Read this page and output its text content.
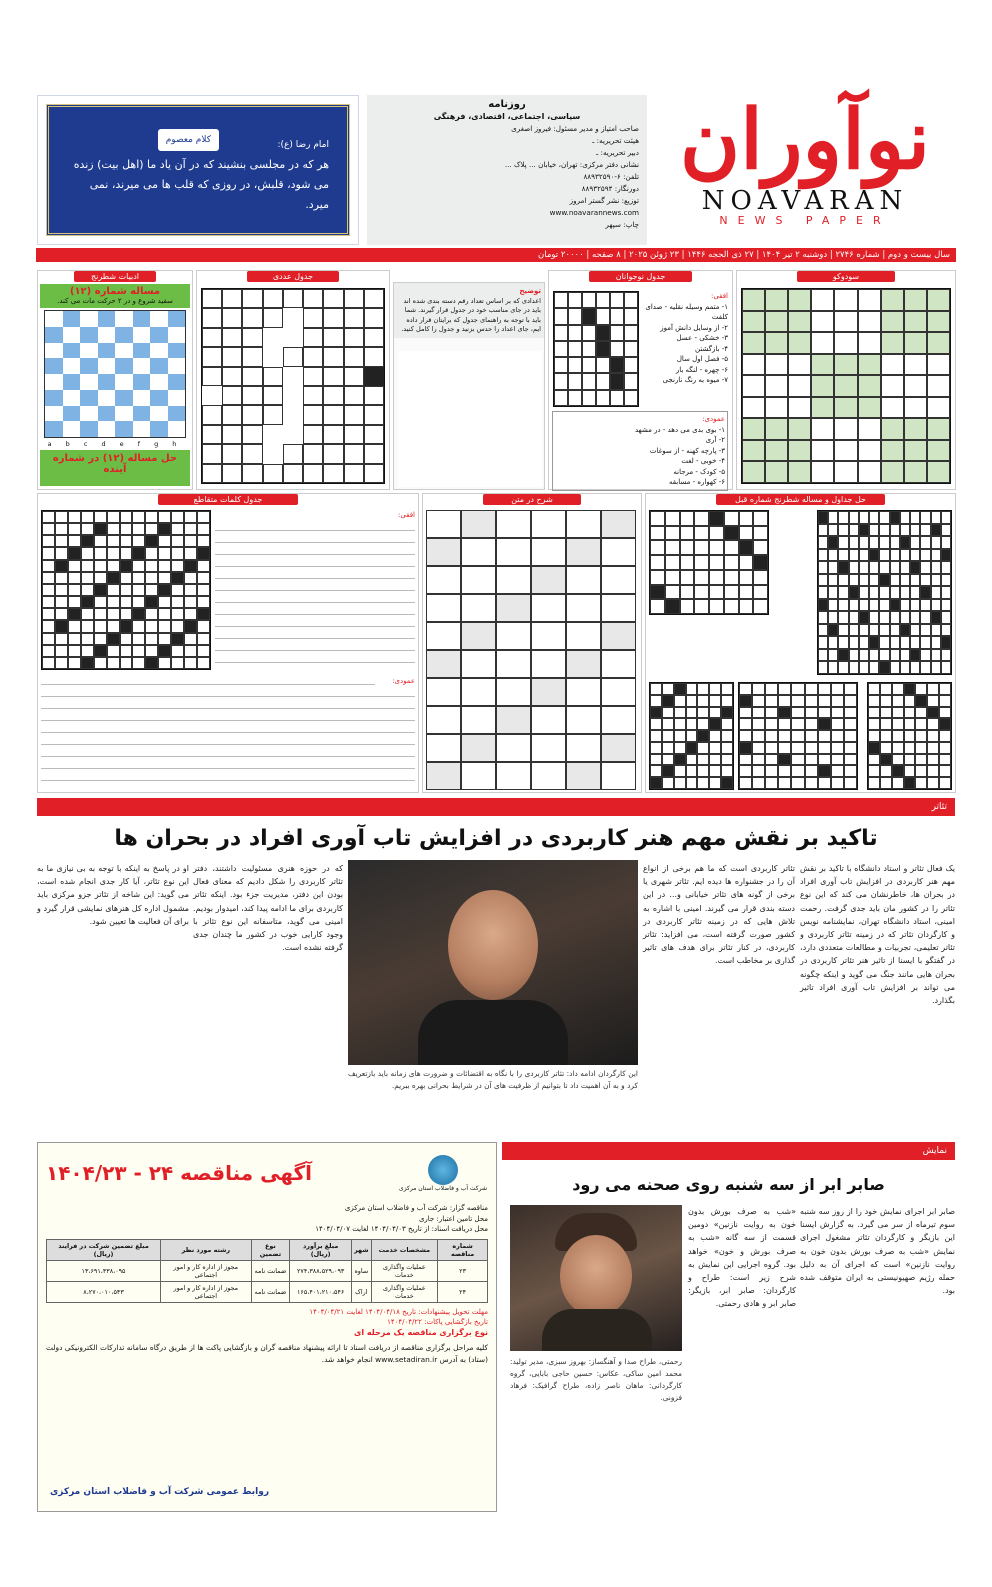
نوآوران
NOAVARAN
NEWS PAPER
روزنامه
سیاسی، اجتماعی، اقتصادی، فرهنگی
صاحب امتیاز و مدیر مسئول: فیروز اصغری
هیئت تحریریه: ـ
دبیر تحریریه: ـ
نشانی دفتر مرکزی: تهران، خیابان ... پلاک ...
تلفن: ۶-۸۸۹۳۲۵۹۰
دورنگار: ۸۸۹۳۲۵۹۴
توزیع: نشر گستر امروز
www.noavarannews.com
چاپ: سپهر
کلام معصوم	امام رضا (ع):
هر که در مجلسی بنشیند که در آن یاد ما (اهل بیت) زنده می شود، قلبش، در روزی که قلب ها می میرند، نمی میرد.
سال بیست و دوم | شماره ۲۷۴۶ | دوشنبه ۲ تیر ۱۴۰۴ | ۲۷ ذی الحجه ۱۴۴۶ | ۲۳ ژوئن ۲۰۲۵ | ۸ صفحه | ۲۰۰۰۰ تومان
سودوکو
جدول نوجوانان
افقی:
۱- متمم وسیله نقلیه - صدای کلفت
۲- از وسایل دانش آموز
۳- خشکی - عسل
۴- بازگشتن
۵- فصل اول سال
۶- چهره - لنگه بار
۷- میوه به رنگ نارنجی
عمودی:
۱- بوی بدی می دهد - در مشهد
۲- آری
۳- پارچه کهنه - از سوغات
۴- خوبی - لغت
۵- کودک - مرجانه
۶- کهواره - مسابقه
توضیح
اعدادی که بر اساس تعداد رقم دسته بندی شده اند باید در جای مناسب خود در جدول قرار گیرند. شما باید با توجه به راهنمای جدول که برایتان قرار داده ایم، جای اعداد را حدس بزنید و جدول را کامل کنید.
جدول عددی
ادبیات شطرنج
مساله شماره (۱۲)
سفید شروع و در ۲ حرکت مات می کند.
a b c d e f g h
حل مساله (۱۲) در شماره آینده
حل جداول و مساله شطرنج شماره قبل
شرح در متن
جدول کلمات متقاطع
افقی:
عمودی:
تئاتر
تاکید بر نقش مهم هنر کاربردی در افزایش تاب آوری افراد در بحران ها
یک فعال تئاتر و استاد دانشگاه با تاکید بر نقش مهم هنر کاربردی در افزایش تاب آوری افراد در بحران ها، خاطرنشان می کند که این نوع تئاتر را در کشور مان باید جدی گرفت. رحمت امینی، استاد دانشگاه تهران، نمایشنامه نویس و کارگردان تئاتر که در زمینه تئاتر کاربردی و تئاتر تعلیمی، تجربیات و مطالعات متعددی دارد، در گفتگو با ایسنا از تاثیر هنر تئاتر کاربردی در بحران هایی مانند جنگ می گوید و اینکه چگونه می تواند بر افزایش تاب آوری افراد تاثیر بگذارد.
تئاتر کاربردی است که ما هم برخی از انواع آن را در جشنواره ها دیده ایم. تئاتر شهری یا برخی از گونه های تئاتر خیابانی و... در این دسته بندی قرار می گیرند. امینی با اشاره به تلاش هایی که در زمینه تئاتر کاربردی در کشور صورت گرفته است، می افزاید: تئاتر کاربردی، در کنار تئاتر برای هدف های تاثیر گذاری بر مخاطب است.
این کارگردان ادامه داد: تئاتر کاربردی را با نگاه به اقتضائات و ضرورت های زمانه باید بازتعریف کرد و به آن اهمیت داد تا بتوانیم از ظرفیت های آن در شرایط بحرانی بهره ببریم.
که در حوزه هنری مسئولیت داشتند، دفتر تئاتر کاربردی را شکل دادیم که معنای فعال بودن این دفتر، مدیریت جزء بود. اینکه تئاتر کاربردی برای ما ادامه پیدا کند، امیدوار بودیم. امینی می گوید، متاسفانه این نوع تئاتر با وجود کارایی خوب در کشور ما چندان جدی گرفته نشده است.
او در پاسخ به اینکه با توجه به بی نیازی ما به این نوع تئاتر، آیا کار جدی انجام شده است، می گوید: این شاخه از تئاتر جزو مرکزی باید مشمول اداره کل هنرهای نمایشی قرار گیرد و برای آن فعالیت ها تعیین شود.
آگهی مناقصه ۲۴ - ۱۴۰۴/۲۳
شرکت آب و فاضلاب استان مرکزی
مناقصه گزار: شرکت آب و فاضلاب استان مرکزی
محل تامین اعتبار: جاری
محل دریافت اسناد: از تاریخ ۱۴۰۴/۰۴/۰۳ لغایت ۱۴۰۴/۰۴/۰۷
شماره مناقصه	مشخصات خدمت	شهر	مبلغ برآورد (ریال)	نوع تضمین	رشته مورد نظر	مبلغ تضمین شرکت در فرایند (ریال)
۲۳	عملیات واگذاری خدمات	ساوه	۲۷۴،۳۸۸،۵۲۹،۰۹۳	ضمانت نامه	مجوز از اداره کار و امور اجتماعی	۱۳،۶۹۱،۴۳۸،۰۹۵
۲۴	عملیات واگذاری خدمات	اراک	۱۶۵،۴۰۱،۲۱۰،۵۴۶	ضمانت نامه	مجوز از اداره کار و امور اجتماعی	۸،۲۷۰،۰۱۰،۵۴۳
مهلت تحویل پیشنهادات: تاریخ ۱۴۰۴/۰۴/۱۸ لغایت ۱۴۰۴/۰۴/۲۱
تاریخ بازگشایی پاکات: ۱۴۰۴/۰۴/۲۲
نوع برگزاری مناقصه یک مرحله ای
کلیه مراحل برگزاری مناقصه از دریافت اسناد تا ارائه پیشنهاد مناقصه گران و بازگشایی پاکت ها از طریق درگاه سامانه تدارکات الکترونیکی دولت (ستاد) به آدرس www.setadiran.ir انجام خواهد شد.
روابط عمومی شرکت آب و فاضلاب استان مرکزی
نمایش
صابر ابر از سه شنبه روی صحنه می رود
صابر ابر اجرای نمایش خود را از روز سه شنبه سوم تیرماه از سر می گیرد. به گزارش ایسنا این بازیگر و کارگردان تئاتر مشغول اجرای نمایش «شب به صرف بورش بدون خون به روایت نازنین» است که اجرای آن به دلیل حمله رژیم صهیونیستی به ایران متوقف شده بود.
«شب به صرف بورش بدون خون به روایت نازنین» دومین قسمت از سه گانه «شب به صرف بورش و خون» خواهد بود. گروه اجرایی این نمایش به شرح زیر است: طراح و کارگردان: صابر ابر، بازیگر: صابر ابر و هادی رحمتی.
رحمتی، طراح صدا و آهنگساز: بهروز سبزی، مدیر تولید: محمد امین ساکی، عکاس: حسین حاجی بابایی، گروه کارگردانی: ماهان ناصر زاده، طراح گرافیک: فرهاد فزونی.
